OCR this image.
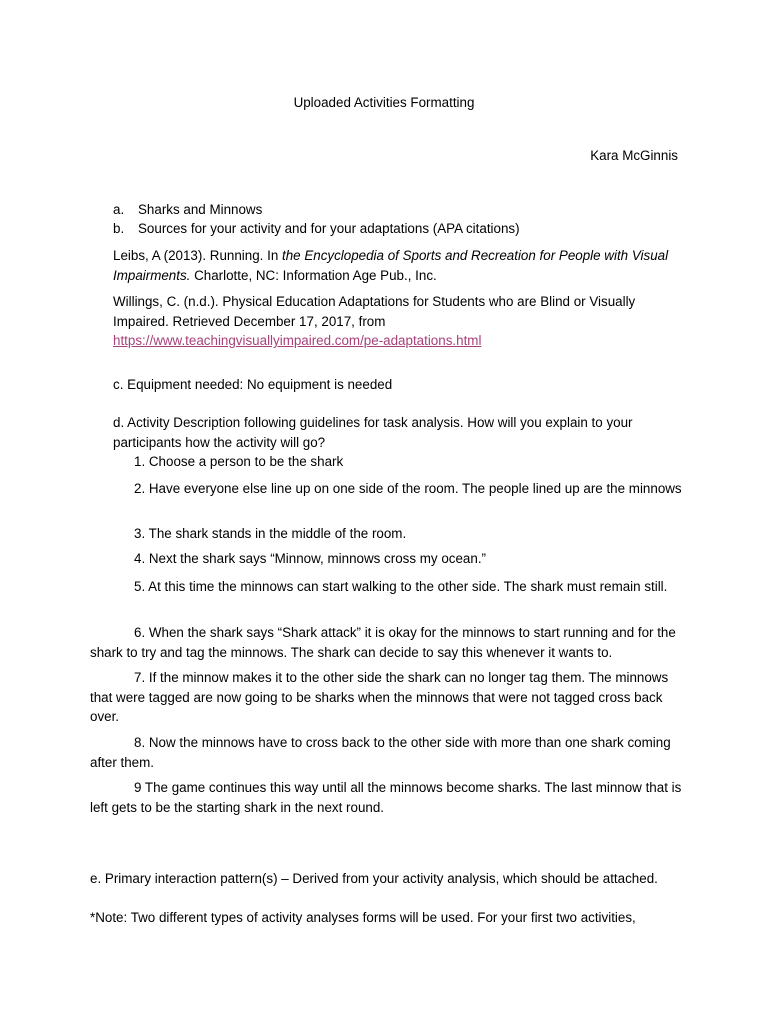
Uploaded Activities Formatting

Kara McGinnis

a.	Sharks and Minnows
b.	Sources for your activity and for your adaptations (APA citations)

Leibs, A (2013). Running. In the Encyclopedia of Sports and Recreation for People with Visual Impairments. Charlotte, NC: Information Age Pub., Inc.

Willings, C. (n.d.). Physical Education Adaptations for Students who are Blind or Visually Impaired. Retrieved December 17, 2017, from
https://www.teachingvisuallyimpaired.com/pe-adaptations.html

c. Equipment needed: No equipment is needed

d. Activity Description following guidelines for task analysis. How will you explain to your participants how the activity will go?

1. Choose a person to be the shark

2. Have everyone else line up on one side of the room. The people lined up are the minnows

3. The shark stands in the middle of the room.

4. Next the shark says “Minnow, minnows cross my ocean.”

5. At this time the minnows can start walking to the other side. The shark must remain still.

6. When the shark says “Shark attack” it is okay for the minnows to start running and for the shark to try and tag the minnows. The shark can decide to say this whenever it wants to.

7. If the minnow makes it to the other side the shark can no longer tag them. The minnows that were tagged are now going to be sharks when the minnows that were not tagged cross back over.

8. Now the minnows have to cross back to the other side with more than one shark coming after them.

9 The game continues this way until all the minnows become sharks. The last minnow that is left gets to be the starting shark in the next round.

e. Primary interaction pattern(s) – Derived from your activity analysis, which should be attached.

*Note: Two different types of activity analyses forms will be used. For your first two activities,
